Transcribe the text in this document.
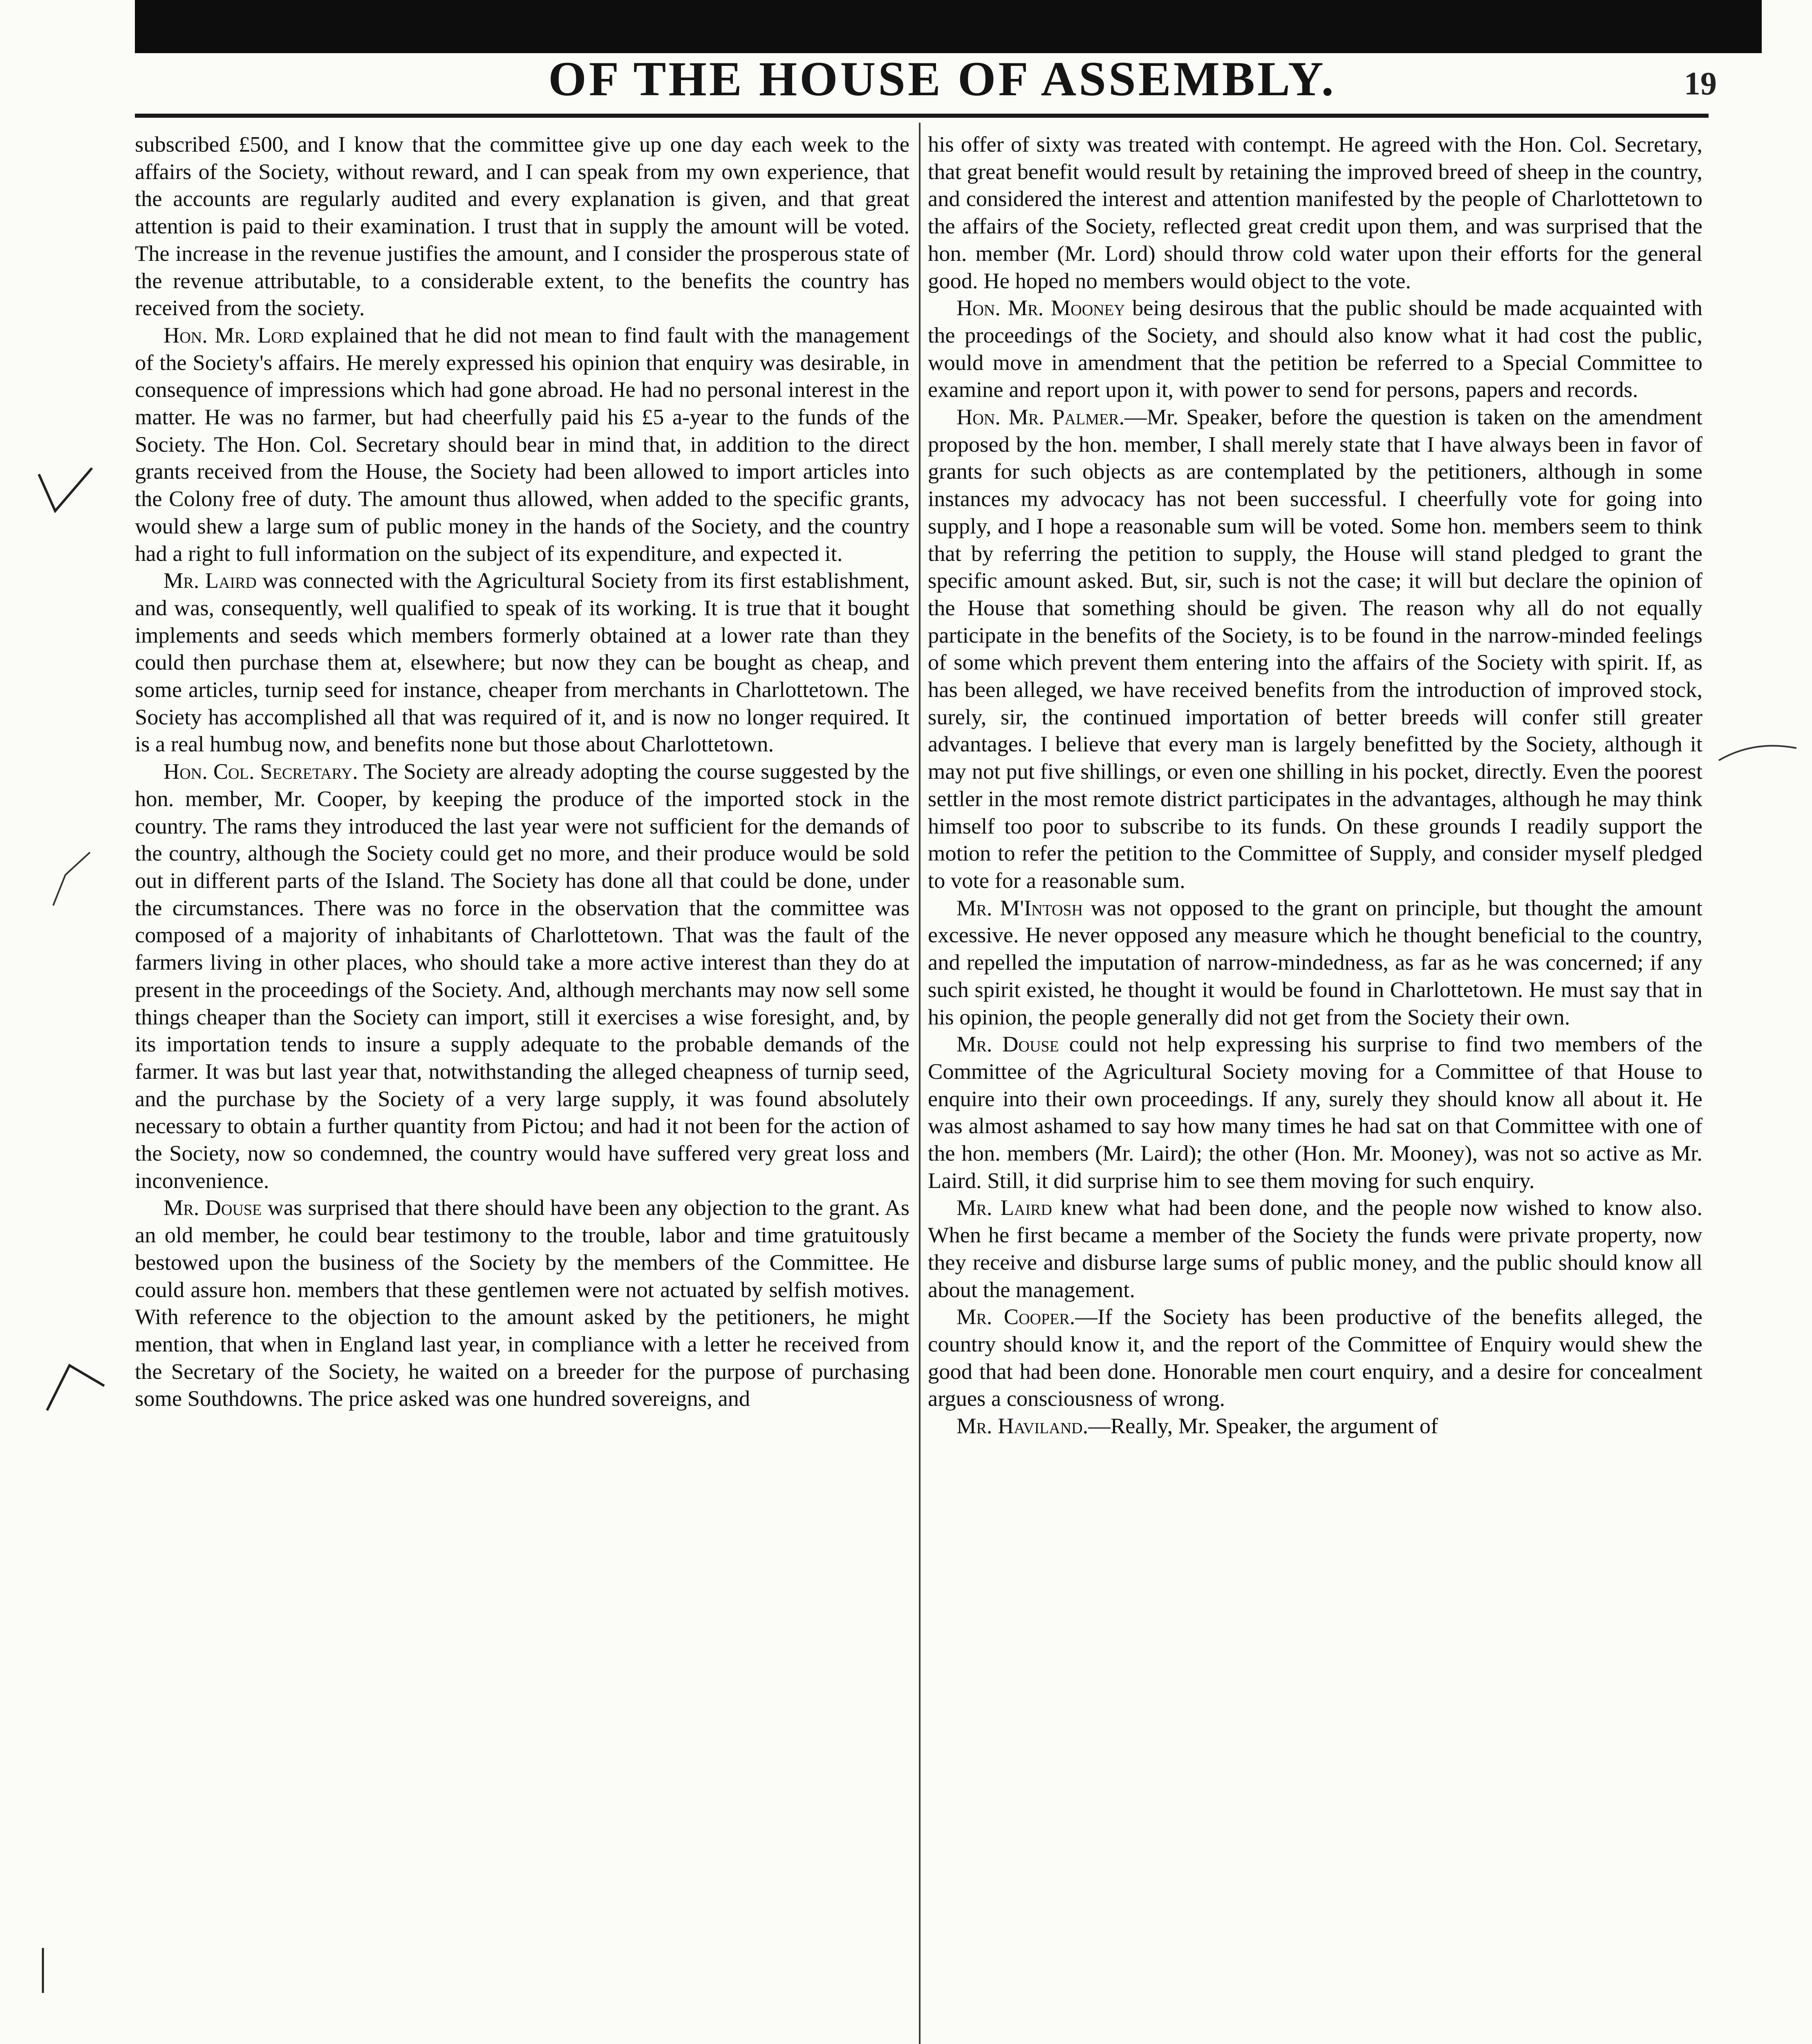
OF THE HOUSE OF ASSEMBLY.	19

subscribed £500, and I know that the committee give up one day each week to the affairs of the Society, without reward, and I can speak from my own experience, that the accounts are regularly audited and every explanation is given, and that great attention is paid to their examination. I trust that in supply the amount will be voted. The increase in the revenue justifies the amount, and I consider the prosperous state of the revenue attributable, to a considerable extent, to the benefits the country has received from the society.

Hon. Mr. Lord explained that he did not mean to find fault with the management of the Society's affairs. He merely expressed his opinion that enquiry was desirable, in consequence of impressions which had gone abroad. He had no personal interest in the matter. He was no farmer, but had cheerfully paid his £5 a-year to the funds of the Society. The Hon. Col. Secretary should bear in mind that, in addition to the direct grants received from the House, the Society had been allowed to import articles into the Colony free of duty. The amount thus allowed, when added to the specific grants, would shew a large sum of public money in the hands of the Society, and the country had a right to full information on the subject of its expenditure, and expected it.

Mr. Laird was connected with the Agricultural Society from its first establishment, and was, consequently, well qualified to speak of its working. It is true that it bought implements and seeds which members formerly obtained at a lower rate than they could then purchase them at, elsewhere; but now they can be bought as cheap, and some articles, turnip seed for instance, cheaper from merchants in Charlottetown. The Society has accomplished all that was required of it, and is now no longer required. It is a real humbug now, and benefits none but those about Charlottetown.

Hon. Col. Secretary. The Society are already adopting the course suggested by the hon. member, Mr. Cooper, by keeping the produce of the imported stock in the country. The rams they introduced the last year were not sufficient for the demands of the country, although the Society could get no more, and their produce would be sold out in different parts of the Island. The Society has done all that could be done, under the circumstances. There was no force in the observation that the committee was composed of a majority of inhabitants of Charlottetown. That was the fault of the farmers living in other places, who should take a more active interest than they do at present in the proceedings of the Society. And, although merchants may now sell some things cheaper than the Society can import, still it exercises a wise foresight, and, by its importation tends to insure a supply adequate to the probable demands of the farmer. It was but last year that, notwithstanding the alleged cheapness of turnip seed, and the purchase by the Society of a very large supply, it was found absolutely necessary to obtain a further quantity from Pictou; and had it not been for the action of the Society, now so condemned, the country would have suffered very great loss and inconvenience.

Mr. Douse was surprised that there should have been any objection to the grant. As an old member, he could bear testimony to the trouble, labor and time gratuitously bestowed upon the business of the Society by the members of the Committee. He could assure hon. members that these gentlemen were not actuated by selfish motives. With reference to the objection to the amount asked by the petitioners, he might mention, that when in England last year, in compliance with a letter he received from the Secretary of the Society, he waited on a breeder for the purpose of purchasing some Southdowns. The price asked was one hundred sovereigns, and

his offer of sixty was treated with contempt. He agreed with the Hon. Col. Secretary, that great benefit would result by retaining the improved breed of sheep in the country, and considered the interest and attention manifested by the people of Charlottetown to the affairs of the Society, reflected great credit upon them, and was surprised that the hon. member (Mr. Lord) should throw cold water upon their efforts for the general good. He hoped no members would object to the vote.

Hon. Mr. Mooney being desirous that the public should be made acquainted with the proceedings of the Society, and should also know what it had cost the public, would move in amendment that the petition be referred to a Special Committee to examine and report upon it, with power to send for persons, papers and records.

Hon. Mr. Palmer.—Mr. Speaker, before the question is taken on the amendment proposed by the hon. member, I shall merely state that I have always been in favor of grants for such objects as are contemplated by the petitioners, although in some instances my advocacy has not been successful. I cheerfully vote for going into supply, and I hope a reasonable sum will be voted. Some hon. members seem to think that by referring the petition to supply, the House will stand pledged to grant the specific amount asked. But, sir, such is not the case; it will but declare the opinion of the House that something should be given. The reason why all do not equally participate in the benefits of the Society, is to be found in the narrow-minded feelings of some which prevent them entering into the affairs of the Society with spirit. If, as has been alleged, we have received benefits from the introduction of improved stock, surely, sir, the continued importation of better breeds will confer still greater advantages. I believe that every man is largely benefitted by the Society, although it may not put five shillings, or even one shilling in his pocket, directly. Even the poorest settler in the most remote district participates in the advantages, although he may think himself too poor to subscribe to its funds. On these grounds I readily support the motion to refer the petition to the Committee of Supply, and consider myself pledged to vote for a reasonable sum.

Mr. M'Intosh was not opposed to the grant on principle, but thought the amount excessive. He never opposed any measure which he thought beneficial to the country, and repelled the imputation of narrow-mindedness, as far as he was concerned; if any such spirit existed, he thought it would be found in Charlottetown. He must say that in his opinion, the people generally did not get from the Society their own.

Mr. Douse could not help expressing his surprise to find two members of the Committee of the Agricultural Society moving for a Committee of that House to enquire into their own proceedings. If any, surely they should know all about it. He was almost ashamed to say how many times he had sat on that Committee with one of the hon. members (Mr. Laird); the other (Hon. Mr. Mooney), was not so active as Mr. Laird. Still, it did surprise him to see them moving for such enquiry.

Mr. Laird knew what had been done, and the people now wished to know also. When he first became a member of the Society the funds were private property, now they receive and disburse large sums of public money, and the public should know all about the management.

Mr. Cooper.—If the Society has been productive of the benefits alleged, the country should know it, and the report of the Committee of Enquiry would shew the good that had been done. Honorable men court enquiry, and a desire for concealment argues a consciousness of wrong.

Mr. Haviland.—Really, Mr. Speaker, the argument of
